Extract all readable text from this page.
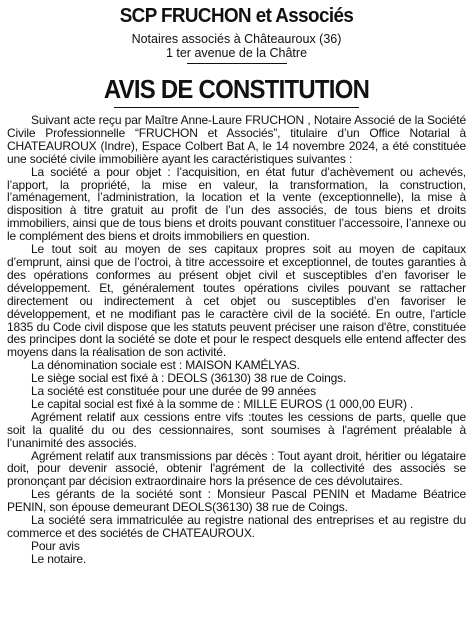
SCP FRUCHON et Associés
Notaires associés à Châteauroux (36)
1 ter avenue de la Châtre
AVIS DE CONSTITUTION

Suivant acte reçu par Maître Anne-Laure FRUCHON , Notaire Associé de la Société Civile Professionnelle “FRUCHON et Associés”, titulaire d’un Office Notarial à CHATEAUROUX (Indre), Espace Colbert Bat A, le 14 novembre 2024, a été constituée une société civile immobilière ayant les caractéristiques suivantes :

La société a pour objet : l’acquisition, en état futur d’achèvement ou achevés, l’apport, la propriété, la mise en valeur, la transformation, la construction, l’aménagement, l’administration, la location et la vente (exceptionnelle), la mise à disposition à titre gratuit au profit de l’un des associés, de tous biens et droits immobiliers, ainsi que de tous biens et droits pouvant constituer l’accessoire, l’annexe ou le complément des biens et droits immobiliers en question.

Le tout soit au moyen de ses capitaux propres soit au moyen de capitaux d’emprunt, ainsi que de l’octroi, à titre accessoire et exceptionnel, de toutes garanties à des opérations conformes au présent objet civil et susceptibles d’en favoriser le développement. Et, généralement toutes opérations civiles pouvant se rattacher directement ou indirectement à cet objet ou susceptibles d’en favoriser le développement, et ne modifiant pas le caractère civil de la société. En outre, l'article 1835 du Code civil dispose que les statuts peuvent préciser une raison d'être, constituée des principes dont la société se dote et pour le respect desquels elle entend affecter des moyens dans la réalisation de son activité.

La dénomination sociale est : MAISON KAMÉLYAS.

Le siège social est fixé à : DEOLS (36130) 38 rue de Coings.

La société est constituée pour une durée de 99 années

Le capital social est fixé à la somme de : MILLE EUROS (1 000,00 EUR) .

Agrément relatif aux cessions entre vifs :toutes les cessions de parts, quelle que soit la qualité du ou des cessionnaires, sont soumises à l'agrément préalable à l’unanimité des associés.

Agrément relatif aux transmissions par décès : Tout ayant droit, héritier ou légataire doit, pour devenir associé, obtenir l'agrément de la collectivité des associés se prononçant par décision extraordinaire hors la présence de ces dévolutaires.

Les gérants de la société sont : Monsieur Pascal PENIN et Madame Béatrice PENIN, son épouse demeurant DEOLS(36130) 38 rue de Coings.

La société sera immatriculée au registre national des entreprises et au registre du commerce et des sociétés de CHATEAUROUX.

Pour avis

Le notaire.
